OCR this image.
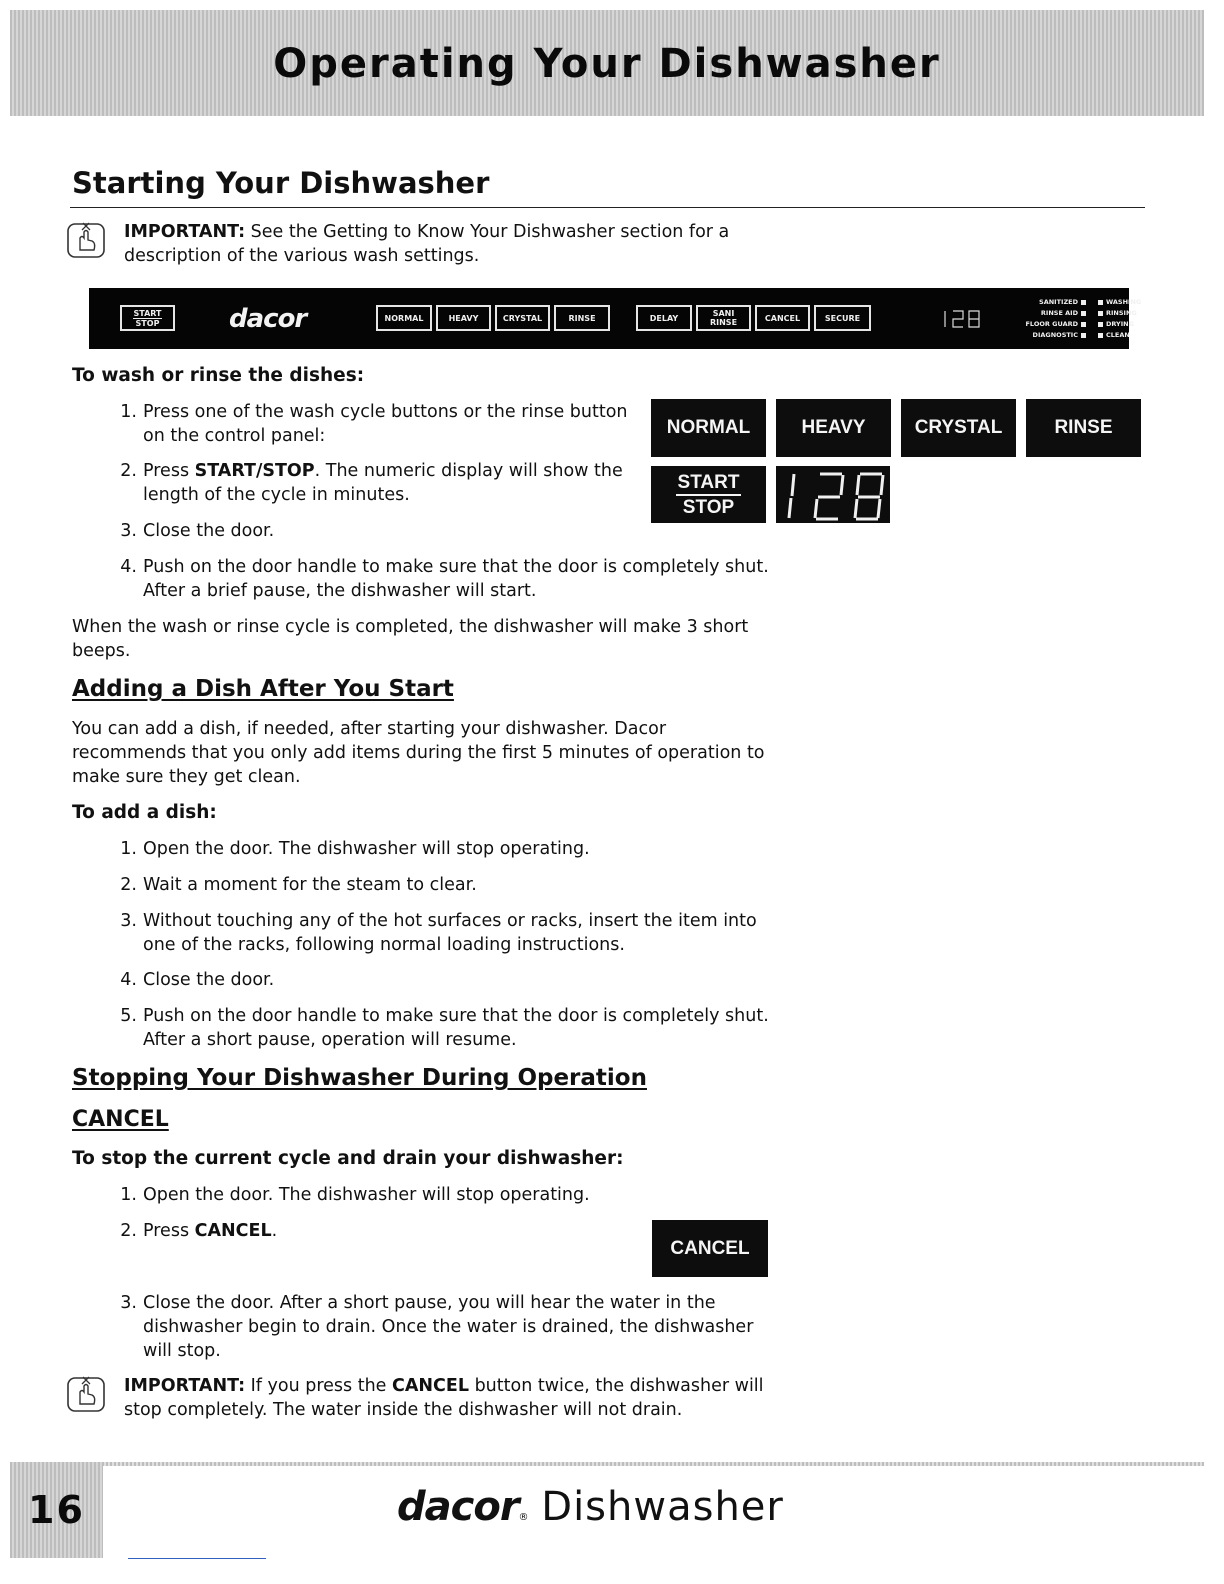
Operating Your Dishwasher
Starting Your Dishwasher
IMPORTANT: See the Getting to Know Your Dishwasher section for a
description of the various wash settings.
START
STOP	dacor	NORMAL	HEAVY	CRYSTAL	RINSE	DELAY	SANI
RINSE	CANCEL	SECURE
SANITIZED
RINSE AID
FLOOR GUARD
DIAGNOSTIC
WASHING
RINSING
DRYING
CLEAN
To wash or rinse the dishes:
1. Press one of the wash cycle buttons or the rinse button
on the control panel:
2. Press START/STOP. The numeric display will show the
length of the cycle in minutes.
3. Close the door.
4. Push on the door handle to make sure that the door is completely shut.
After a brief pause, the dishwasher will start.
When the wash or rinse cycle is completed, the dishwasher will make 3 short
beeps.
NORMAL	HEAVY	CRYSTAL	RINSE
START
STOP
Adding a Dish After You Start
You can add a dish, if needed, after starting your dishwasher. Dacor
recommends that you only add items during the first 5 minutes of operation to
make sure they get clean.
To add a dish:
1. Open the door. The dishwasher will stop operating.
2. Wait a moment for the steam to clear.
3. Without touching any of the hot surfaces or racks, insert the item into
one of the racks, following normal loading instructions.
4. Close the door.
5. Push on the door handle to make sure that the door is completely shut.
After a short pause, operation will resume.
Stopping Your Dishwasher During Operation
CANCEL
To stop the current cycle and drain your dishwasher:
1. Open the door. The dishwasher will stop operating.
2. Press CANCEL.
CANCEL
3. Close the door. After a short pause, you will hear the water in the
dishwasher begin to drain. Once the water is drained, the dishwasher
will stop.
IMPORTANT: If you press the CANCEL button twice, the dishwasher will
stop completely. The water inside the dishwasher will not drain.
16	dacor® Dishwasher
